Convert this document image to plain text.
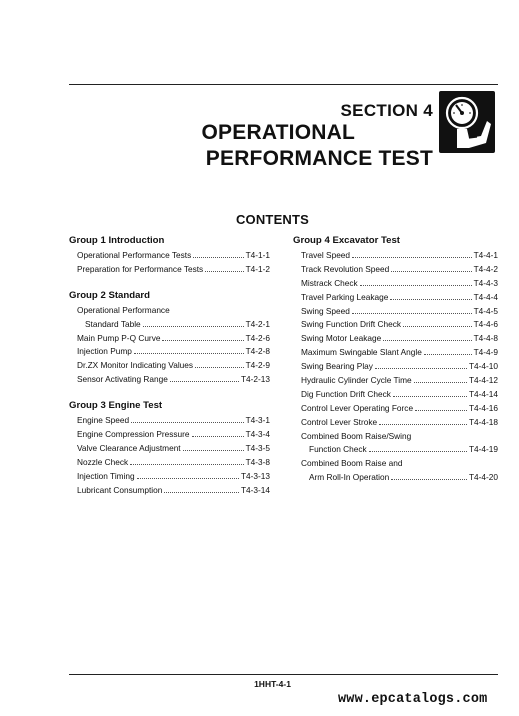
SECTION 4
OPERATIONAL
PERFORMANCE TEST
CONTENTS
Group 1 Introduction
Operational Performance Tests	T4-1-1
Preparation for Performance Tests	T4-1-2
Group 2 Standard
Operational Performance
Standard Table	T4-2-1
Main Pump P-Q Curve	T4-2-6
Injection Pump	T4-2-8
Dr.ZX Monitor Indicating Values	T4-2-9
Sensor Activating Range	T4-2-13
Group 3 Engine Test
Engine Speed	T4-3-1
Engine Compression Pressure	T4-3-4
Valve Clearance Adjustment	T4-3-5
Nozzle Check	T4-3-8
Injection Timing	T4-3-13
Lubricant Consumption	T4-3-14
Group 4 Excavator Test
Travel Speed	T4-4-1
Track Revolution Speed	T4-4-2
Mistrack Check	T4-4-3
Travel Parking Leakage	T4-4-4
Swing Speed	T4-4-5
Swing Function Drift Check	T4-4-6
Swing Motor Leakage	T4-4-8
Maximum Swingable Slant Angle	T4-4-9
Swing Bearing Play	T4-4-10
Hydraulic Cylinder Cycle Time	T4-4-12
Dig Function Drift Check	T4-4-14
Control Lever Operating Force	T4-4-16
Control Lever Stroke	T4-4-18
Combined Boom Raise/Swing
Function Check	T4-4-19
Combined Boom Raise and
Arm Roll-In Operation	T4-4-20
1HHT-4-1
www.epcatalogs.com
